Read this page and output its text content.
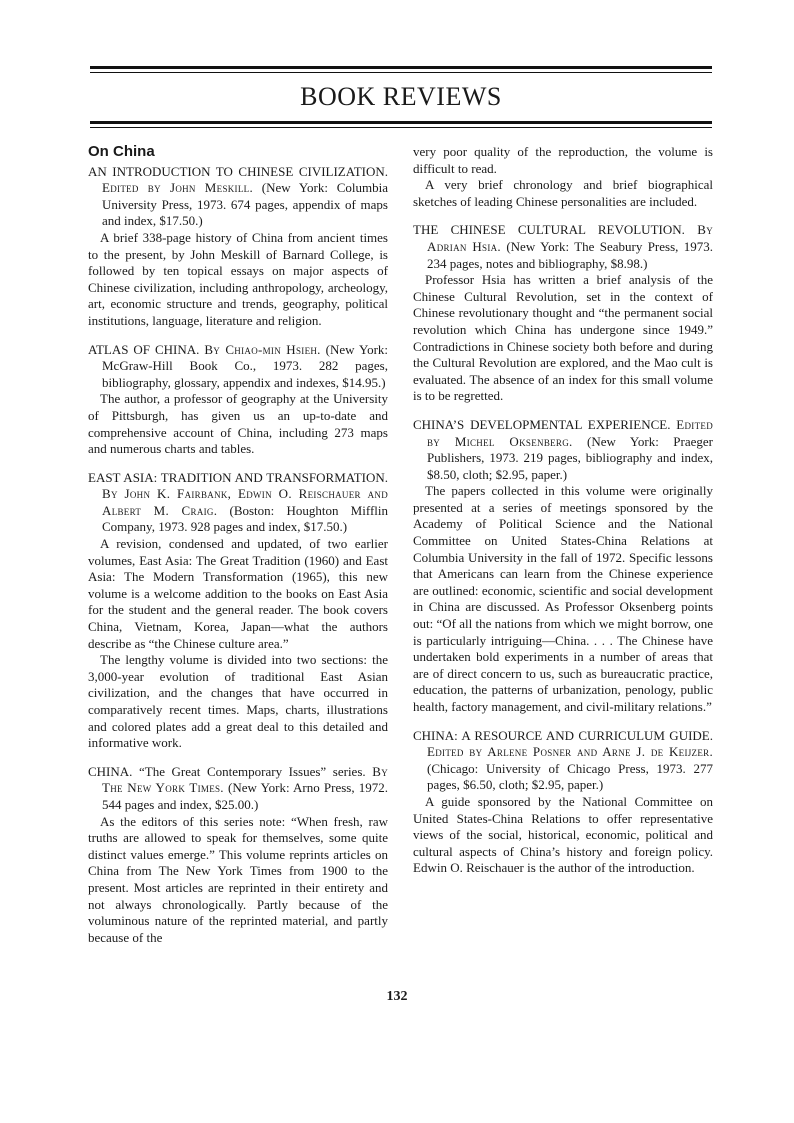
BOOK REVIEWS
On China

AN INTRODUCTION TO CHINESE CIVILIZATION. Edited by John Meskill. (New York: Columbia University Press, 1973. 674 pages, appendix of maps and index, $17.50.)

A brief 338-page history of China from ancient times to the present, by John Meskill of Barnard College, is followed by ten topical essays on major aspects of Chinese civilization, including anthropology, archeology, art, economic structure and trends, geography, political institutions, language, literature and religion.

ATLAS OF CHINA. By Chiao-min Hsieh. (New York: McGraw-Hill Book Co., 1973. 282 pages, bibliography, glossary, appendix and indexes, $14.95.)

The author, a professor of geography at the University of Pittsburgh, has given us an up-to-date and comprehensive account of China, including 273 maps and numerous charts and tables.

EAST ASIA: TRADITION AND TRANSFORMATION. By John K. Fairbank, Edwin O. Reischauer and Albert M. Craig. (Boston: Houghton Mifflin Company, 1973. 928 pages and index, $17.50.)

A revision, condensed and updated, of two earlier volumes, East Asia: The Great Tradition (1960) and East Asia: The Modern Transformation (1965), this new volume is a welcome addition to the books on East Asia for the student and the general reader. The book covers China, Vietnam, Korea, Japan—what the authors describe as “the Chinese culture area.”

The lengthy volume is divided into two sections: the 3,000-year evolution of traditional East Asian civilization, and the changes that have occurred in comparatively recent times. Maps, charts, illustrations and colored plates add a great deal to this detailed and informative work.

CHINA. “The Great Contemporary Issues” series. By The New York Times. (New York: Arno Press, 1972. 544 pages and index, $25.00.)

As the editors of this series note: “When fresh, raw truths are allowed to speak for themselves, some quite distinct values emerge.” This volume reprints articles on China from The New York Times from 1900 to the present. Most articles are reprinted in their entirety and not always chronologically. Partly because of the voluminous nature of the reprinted material, and partly because of the

very poor quality of the reproduction, the volume is difficult to read.

A very brief chronology and brief biographical sketches of leading Chinese personalities are included.

THE CHINESE CULTURAL REVOLUTION. By Adrian Hsia. (New York: The Seabury Press, 1973. 234 pages, notes and bibliography, $8.98.)

Professor Hsia has written a brief analysis of the Chinese Cultural Revolution, set in the context of Chinese revolutionary thought and “the permanent social revolution which China has undergone since 1949.” Contradictions in Chinese society both before and during the Cultural Revolution are explored, and the Mao cult is evaluated. The absence of an index for this small volume is to be regretted.

CHINA’S DEVELOPMENTAL EXPERIENCE. Edited by Michel Oksenberg. (New York: Praeger Publishers, 1973. 219 pages, bibliography and index, $8.50, cloth; $2.95, paper.)

The papers collected in this volume were originally presented at a series of meetings sponsored by the Academy of Political Science and the National Committee on United States-China Relations at Columbia University in the fall of 1972. Specific lessons that Americans can learn from the Chinese experience are outlined: economic, scientific and social development in China are discussed. As Professor Oksenberg points out: “Of all the nations from which we might borrow, one is particularly intriguing—China. . . . The Chinese have undertaken bold experiments in a number of areas that are of direct concern to us, such as bureaucratic practice, education, the patterns of urbanization, penology, public health, factory management, and civil-military relations.”

CHINA: A RESOURCE AND CURRICULUM GUIDE. Edited by Arlene Posner and Arne J. de Keijzer. (Chicago: University of Chicago Press, 1973. 277 pages, $6.50, cloth; $2.95, paper.)

A guide sponsored by the National Committee on United States-China Relations to offer representative views of the social, historical, economic, political and cultural aspects of China’s history and foreign policy. Edwin O. Reischauer is the author of the introduction.

132
